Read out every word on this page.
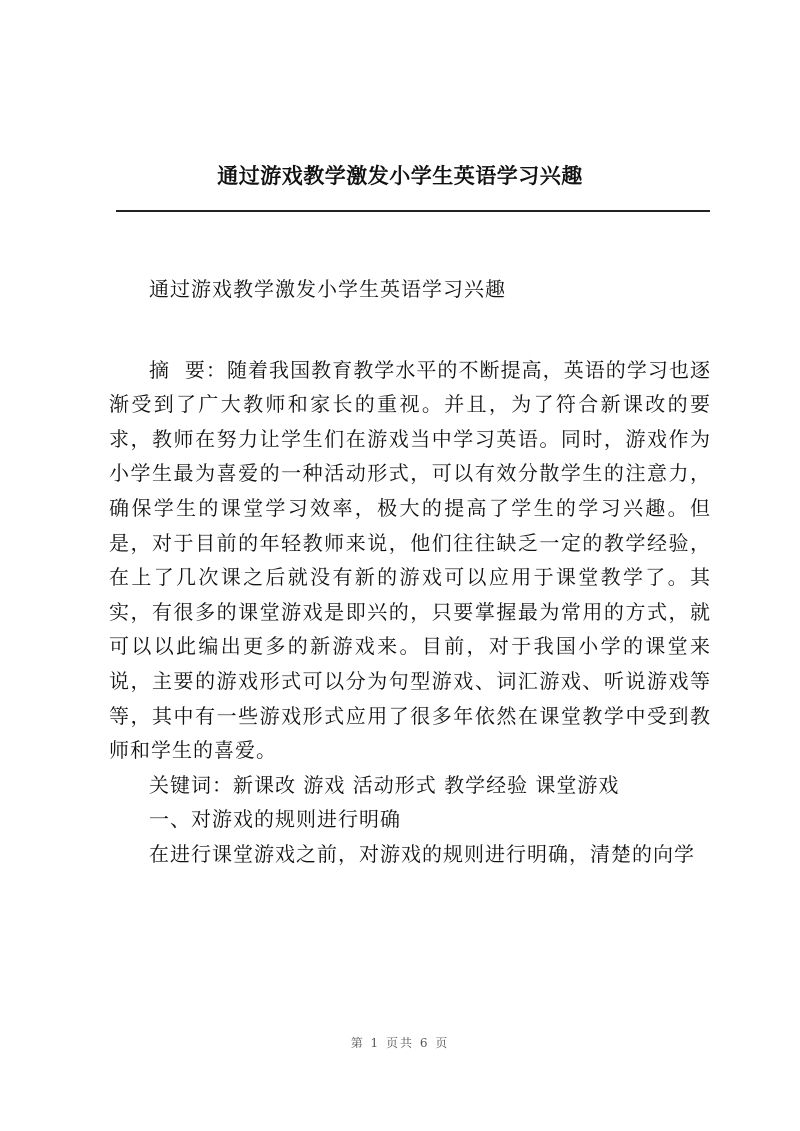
通过游戏教学激发小学生英语学习兴趣

通过游戏教学激发小学生英语学习兴趣

摘  要：随着我国教育教学水平的不断提高，英语的学习也逐渐受到了广大教师和家长的重视。并且，为了符合新课改的要求，教师在努力让学生们在游戏当中学习英语。同时，游戏作为小学生最为喜爱的一种活动形式，可以有效分散学生的注意力，确保学生的课堂学习效率，极大的提高了学生的学习兴趣。但是，对于目前的年轻教师来说，他们往往缺乏一定的教学经验，在上了几次课之后就没有新的游戏可以应用于课堂教学了。其实，有很多的课堂游戏是即兴的，只要掌握最为常用的方式，就可以以此编出更多的新游戏来。目前，对于我国小学的课堂来说，主要的游戏形式可以分为句型游戏、词汇游戏、听说游戏等等，其中有一些游戏形式应用了很多年依然在课堂教学中受到教师和学生的喜爱。

关键词：新课改 游戏 活动形式 教学经验 课堂游戏

一、对游戏的规则进行明确

在进行课堂游戏之前，对游戏的规则进行明确，清楚的向学

第 1 页共 6 页
